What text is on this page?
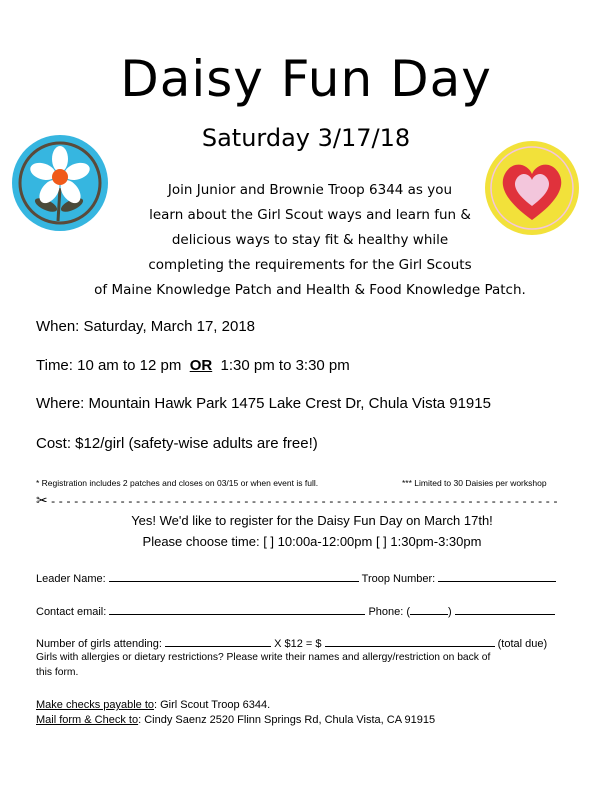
Daisy Fun Day
Saturday 3/17/18
Join Junior and Brownie Troop 6344 as you
learn about the Girl Scout ways and learn fun &
delicious ways to stay fit & healthy while
completing the requirements for the Girl Scouts
of Maine Knowledge Patch and Health & Food Knowledge Patch.
When: Saturday, March 17, 2018
Time: 10 am to 12 pm OR 1:30 pm to 3:30 pm
Where: Mountain Hawk Park 1475 Lake Crest Dr, Chula Vista 91915
Cost: $12/girl (safety-wise adults are free!)
* Registration includes 2 patches and closes on 03/15 or when event is full.	*** Limited to 30 Daisies per workshop
✂ - - - - - - - - - - - - - - - - - - - - - - - - - - - - - - - - - - - - - - - - - - - - - - - - - - - - - - - - - - - - - - - - - -
Yes! We'd like to register for the Daisy Fun Day on March 17th!
Please choose time: [ ] 10:00a-12:00pm [ ] 1:30pm-3:30pm
Leader Name:	Troop Number:
Contact email:	Phone: (	)
Number of girls attending:	X $12 = $	(total due)
Girls with allergies or dietary restrictions? Please write their names and allergy/restriction on back of
this form.
Make checks payable to: Girl Scout Troop 6344.
Mail form & Check to: Cindy Saenz 2520 Flinn Springs Rd, Chula Vista, CA 91915
